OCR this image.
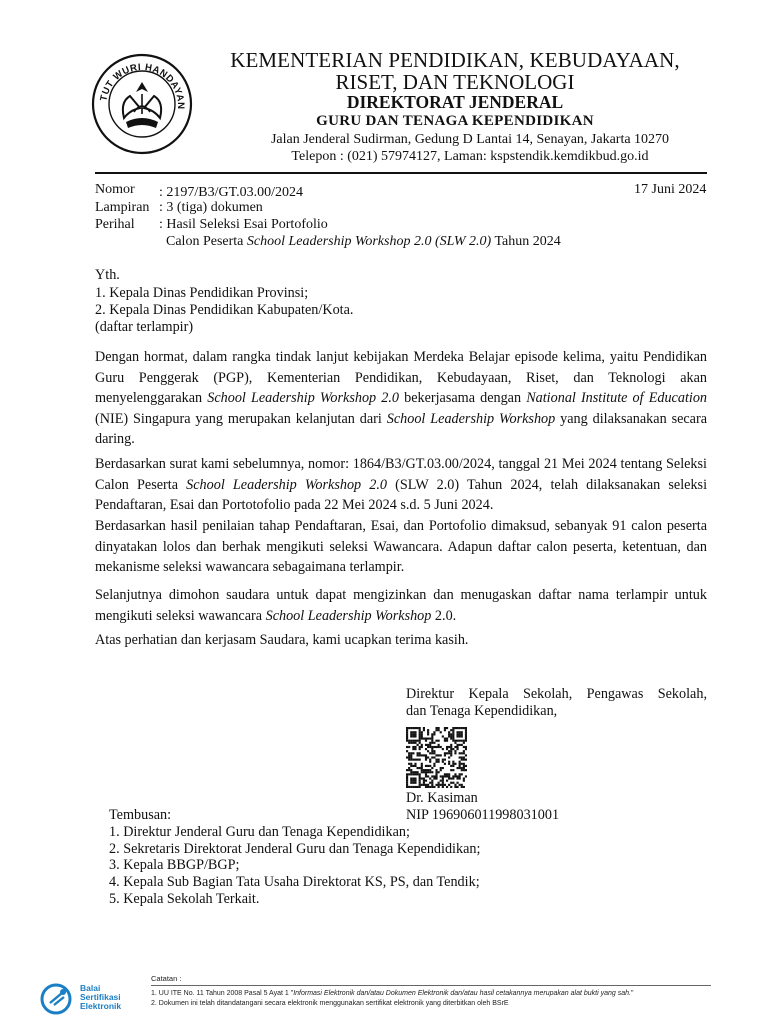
TUT WURI HANDAYAN
KEMENTERIAN PENDIDIKAN, KEBUDAYAAN,
RISET, DAN TEKNOLOGI
DIREKTORAT JENDERAL
GURU DAN TENAGA KEPENDIDIKAN
Jalan Jenderal Sudirman, Gedung D Lantai 14, Senayan, Jakarta 10270
Telepon : (021) 57974127, Laman: kspstendik.kemdikbud.go.id
Nomor : 2197/B3/GT.03.00/2024
Lampiran : 3 (tiga) dokumen
Perihal : Hasil Seleksi Esai Portofolio
Calon Peserta School Leadership Workshop 2.0 (SLW 2.0) Tahun 2024
17 Juni 2024
Yth.
1. Kepala Dinas Pendidikan Provinsi;
2. Kepala Dinas Pendidikan Kabupaten/Kota.
(daftar terlampir)
Dengan hormat, dalam rangka tindak lanjut kebijakan Merdeka Belajar episode kelima, yaitu Pendidikan Guru Penggerak (PGP), Kementerian Pendidikan, Kebudayaan, Riset, dan Teknologi akan menyelenggarakan School Leadership Workshop 2.0 bekerjasama dengan National Institute of Education (NIE) Singapura yang merupakan kelanjutan dari School Leadership Workshop yang dilaksanakan secara daring.
Berdasarkan surat kami sebelumnya, nomor: 1864/B3/GT.03.00/2024, tanggal 21 Mei 2024 tentang Seleksi Calon Peserta School Leadership Workshop 2.0 (SLW 2.0) Tahun 2024, telah dilaksanakan seleksi Pendaftaran, Esai dan Portotofolio pada 22 Mei 2024 s.d. 5 Juni 2024.
Berdasarkan hasil penilaian tahap Pendaftaran, Esai, dan Portofolio dimaksud, sebanyak 91 calon peserta dinyatakan lolos dan berhak mengikuti seleksi Wawancara. Adapun daftar calon peserta, ketentuan, dan mekanisme seleksi wawancara sebagaimana terlampir.
Selanjutnya dimohon saudara untuk dapat mengizinkan dan menugaskan daftar nama terlampir untuk mengikuti seleksi wawancara School Leadership Workshop 2.0.
Atas perhatian dan kerjasam Saudara, kami ucapkan terima kasih.
Direktur Kepala Sekolah, Pengawas Sekolah,
dan Tenaga Kependidikan,
Dr. Kasiman
NIP 196906011998031001
Tembusan:
1. Direktur Jenderal Guru dan Tenaga Kependidikan;
2. Sekretaris Direktorat Jenderal Guru dan Tenaga Kependidikan;
3. Kepala BBGP/BGP;
4. Kepala Sub Bagian Tata Usaha Direktorat KS, PS, dan Tendik;
5. Kepala Sekolah Terkait.
Balai
Sertifikasi
Elektronik
Catatan :
1. UU ITE No. 11 Tahun 2008 Pasal 5 Ayat 1 "Informasi Elektronik dan/atau Dokumen Elektronik dan/atau hasil cetakannya merupakan alat bukti yang sah."
2. Dokumen ini telah ditandatangani secara elektronik menggunakan sertifikat elektronik yang diterbitkan oleh BSrE
